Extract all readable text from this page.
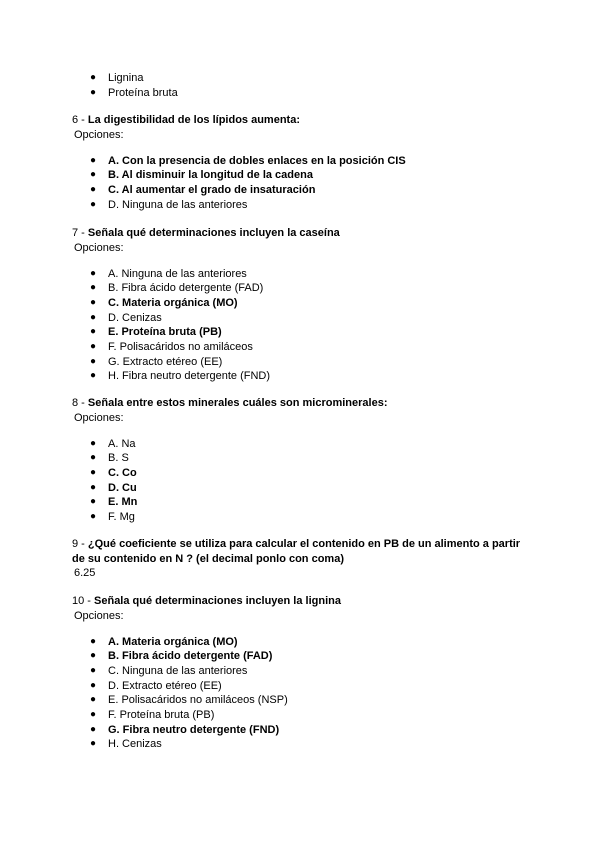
● Lignina
● Proteína bruta
6 - La digestibilidad de los lípidos aumenta:
Opciones:
● A. Con la presencia de dobles enlaces en la posición CIS
● B. Al disminuir la longitud de la cadena
● C. Al aumentar el grado de insaturación
● D. Ninguna de las anteriores
7 - Señala qué determinaciones incluyen la caseína
Opciones:
● A. Ninguna de las anteriores
● B. Fibra ácido detergente (FAD)
● C. Materia orgánica (MO)
● D. Cenizas
● E. Proteína bruta (PB)
● F. Polisacáridos no amiláceos
● G. Extracto etéreo (EE)
● H. Fibra neutro detergente (FND)
8 - Señala entre estos minerales cuáles son microminerales:
Opciones:
● A. Na
● B. S
● C. Co
● D. Cu
● E. Mn
● F. Mg
9 - ¿Qué coeficiente se utiliza para calcular el contenido en PB de un alimento a partir
de su contenido en N ? (el decimal ponlo con coma)
6.25
10 - Señala qué determinaciones incluyen la lignina
Opciones:
● A. Materia orgánica (MO)
● B. Fibra ácido detergente (FAD)
● C. Ninguna de las anteriores
● D. Extracto etéreo (EE)
● E. Polisacáridos no amiláceos (NSP)
● F. Proteína bruta (PB)
● G. Fibra neutro detergente (FND)
● H. Cenizas
